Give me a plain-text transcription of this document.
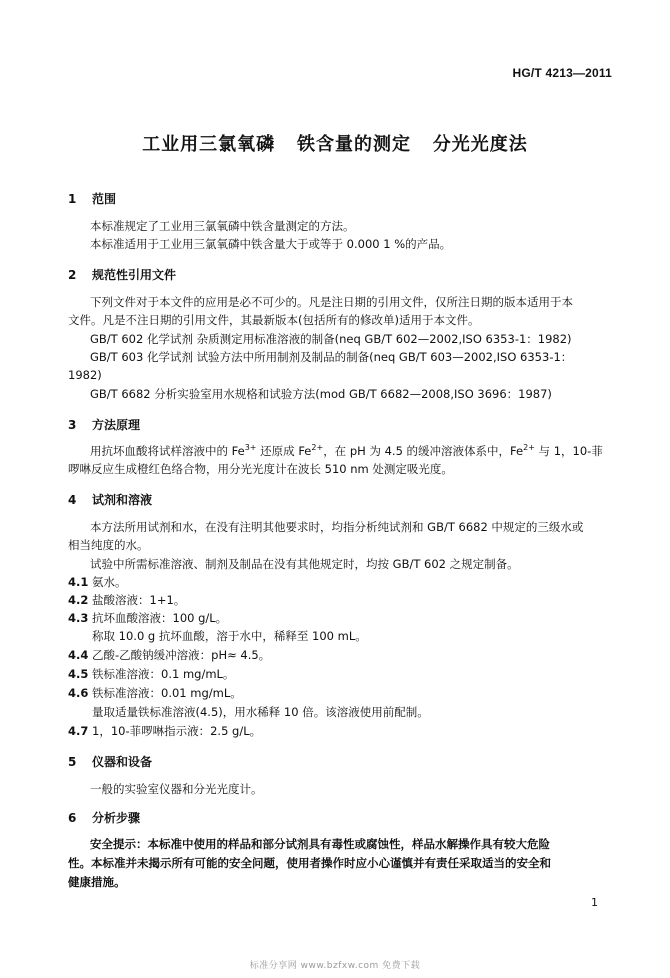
HG/T 4213—2011
工业用三氯氧磷   铁含量的测定   分光光度法
1 范围
本标准规定了工业用三氯氧磷中铁含量测定的方法。
本标准适用于工业用三氯氧磷中铁含量大于或等于 0.000 1 %的产品。
2 规范性引用文件
下列文件对于本文件的应用是必不可少的。凡是注日期的引用文件，仅所注日期的版本适用于本
文件。凡是不注日期的引用文件，其最新版本(包括所有的修改单)适用于本文件。
GB/T 602 化学试剂 杂质测定用标准溶液的制备(neq GB/T 602—2002,ISO 6353-1：1982)
GB/T 603 化学试剂 试验方法中所用制剂及制品的制备(neq GB/T 603—2002,ISO 6353-1：
1982)
GB/T 6682 分析实验室用水规格和试验方法(mod GB/T 6682—2008,ISO 3696：1987)
3 方法原理
用抗坏血酸将试样溶液中的 $Fe^{3+}$ 还原成 $Fe^{2+}$，在 pH 为 4.5 的缓冲溶液体系中，$Fe^{2+}$ 与 1，10-菲
啰啉反应生成橙红色络合物，用分光光度计在波长 510 nm 处测定吸光度。
4 试剂和溶液
本方法所用试剂和水，在没有注明其他要求时，均指分析纯试剂和 GB/T 6682 中规定的三级水或
相当纯度的水。
试验中所需标准溶液、制剂及制品在没有其他规定时，均按 GB/T 602 之规定制备。
4.1 氨水。
4.2 盐酸溶液：1+1。
4.3 抗坏血酸溶液：100 g/L。
称取 10.0 g 抗坏血酸，溶于水中，稀释至 100 mL。
4.4 乙酸-乙酸钠缓冲溶液：pH≈ 4.5。
4.5 铁标准溶液：0.1 mg/mL。
4.6 铁标准溶液：0.01 mg/mL。
量取适量铁标准溶液(4.5)，用水稀释 10 倍。该溶液使用前配制。
4.7 1，10-菲啰啉指示液：2.5 g/L。
5 仪器和设备
一般的实验室仪器和分光光度计。
6 分析步骤
安全提示：本标准中使用的样品和部分试剂具有毒性或腐蚀性，样品水解操作具有较大危险
性。本标准并未揭示所有可能的安全问题，使用者操作时应小心谨慎并有责任采取适当的安全和
健康措施。
1
标准分享网 www.bzfxw.com 免费下载
